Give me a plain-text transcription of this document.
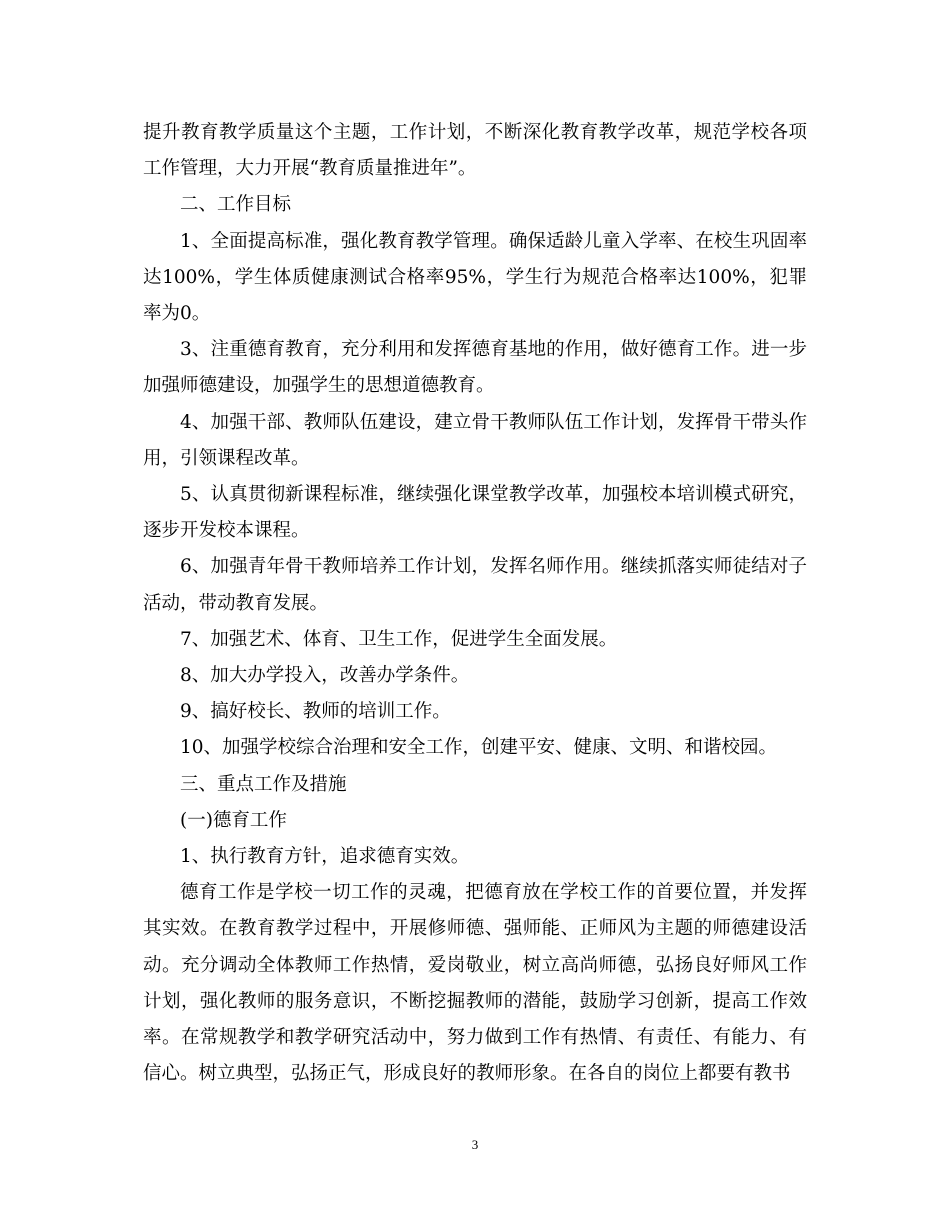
提升教育教学质量这个主题，工作计划，不断深化教育教学改革，规范学校各项工作管理，大力开展“教育质量推进年”。

二、工作目标

1、全面提高标准，强化教育教学管理。确保适龄儿童入学率、在校生巩固率达100%，学生体质健康测试合格率95%，学生行为规范合格率达100%，犯罪率为0。

3、注重德育教育，充分利用和发挥德育基地的作用，做好德育工作。进一步加强师德建设，加强学生的思想道德教育。

4、加强干部、教师队伍建设，建立骨干教师队伍工作计划，发挥骨干带头作用，引领课程改革。

5、认真贯彻新课程标准，继续强化课堂教学改革，加强校本培训模式研究，逐步开发校本课程。

6、加强青年骨干教师培养工作计划，发挥名师作用。继续抓落实师徒结对子活动，带动教育发展。

7、加强艺术、体育、卫生工作，促进学生全面发展。

8、加大办学投入，改善办学条件。

9、搞好校长、教师的培训工作。

10、加强学校综合治理和安全工作，创建平安、健康、文明、和谐校园。

三、重点工作及措施

(一)德育工作

1、执行教育方针，追求德育实效。

德育工作是学校一切工作的灵魂，把德育放在学校工作的首要位置，并发挥其实效。在教育教学过程中，开展修师德、强师能、正师风为主题的师德建设活动。充分调动全体教师工作热情，爱岗敬业，树立高尚师德，弘扬良好师风工作计划，强化教师的服务意识，不断挖掘教师的潜能，鼓励学习创新，提高工作效率。在常规教学和教学研究活动中，努力做到工作有热情、有责任、有能力、有信心。树立典型，弘扬正气，形成良好的教师形象。在各自的岗位上都要有教书

3
